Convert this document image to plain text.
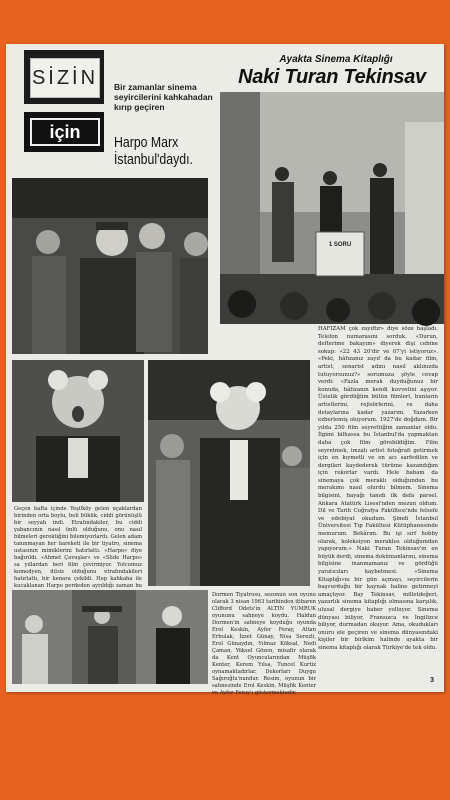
SİZİN
için
Bir zamanlar sinema seyircilerini kahkahadan kırıp geçiren
Harpo Marx
İstanbul'daydı.
Ayakta Sinema Kitaplığı
Naki Turan Tekinsav
1 SORU
Geçen hafta içinde Yeşilköy gelen uçaklardan birinden orta boylu, beli bükük, ciddi görünüşlü bir seyyah indi. Etrafındakiler, bu ciddi yabancının nasıl ünlü olduğunu, onu nasıl bilmeleri gerektiğini bilemiyorlardı. Gelen adam tanınmayan her hareketi ile bir tiyatro, sinema ustasının mimiklerini hatırlattı. «Harpo» diye bağırıldı. «Ahmet Çavuşlar» ve «Slide Harpo» sa yıllardan beri film çevirmiyor. Yolcumuz komedyen, dilsiz olduğunu etrafındakileri hatırlattı, bir kenara çekildi. Hep kahkaha ile kucaklanan Harpo perdeden ayrıldığı zaman bu
Dormen Tiyatrosu, sezonun son oyunu olarak 3 nisan 1963 tarihinden itibaren Clifford Odets'in ALTIN YUMRUK oyununu sahneye koydu. Haldun Dormen'in sahneye koyduğu oyunda Erol Keskin, Ayfer Feray, Altan Erbulak, İzzet Günay, Nisa Serezli, Erol Günaydın, Yılmaz Köksal, Nedi Çaman, Yüksel Gözen, misafir olarak da Kent Oyuncularından Müşfik Kenter, Kerem Yılsa, Tuncel Kurtiz oynamaktadırlar. Dekorları Duygu Sağıroğlu'nundur. Resim, oyunun bir sahnesinde Erol Keskin, Müşfik Kenter ve Ayfer Feray'ı göstermektedir.
HAFIZAM çok zayıftır» diye söze başladı. Telefon numarasını sorduk. «Durun, defterime bakayım» diyerek dişi cebine sokup: «22 43 20'dir ve 07'yi istiyoruz». «Peki, hâfızanız zayıf da bu kadar film, artist, senarist adını nasıl aklınızda tutuyorsunuz?» sorumuza şöyle cevap verdi: «Fazla merak duyduğunuz bir konuda, hâfızanın kendi kuvvetini aşıyor. Üstelik gördüğüm bütün filmleri, bunların artistlerini, rejisörlerini, ve daha detaylarına kadar yazarım. Yazarken ezberlemiş oluyorum. 1927'de doğdum. Bir yılda 250 film seyrettiğim zamanlar oldu. İlgimi bilhassa bu İstanbul'da yapmaktan daha çok film görebildiğim. Film seyretmek, imzalı artist fotoğrafı getirmek için en kıymetli ve en acı sarfedilen ve dergileri kaydederek türüme kazandığım için rekorlar vardı. Hele babam da sinemaya çok meraklı olduğundan bu merakımı nasıl olurdu bilmem. Sinema bilgisini, bayağı tanıdı ilk defa parsel. Ankara Atatürk Lisesi'nden mezun oldum. Dil ve Tarih Coğrafya Fakültesi'nde felsefe ve edebiyat okudum. Şimdi İstanbul Üniversitesi Tıp Fakültesi Kütüphanesinde memurum. Bekârım. Bu işi sırf hobby olarak, koleksiyon meraklısı olduğumdan yapıyorum.» Naki Turan Tekinsav'ın en büyük derdi, sinema dokümanlarını, sinema bilgisine inanmamanız ve gördüğü yaratıcıları kaybetmesi. «Sinema Kitaplığı»nı bir gün açmayı, seyircilerin başvurduğu bir kaynak haline getirmeyi amaçlıyor. Bay Tekinsav, milletdeğeri, yazarlık sinema kitaplığı olmasına karşılık, ulusal dergiye haber yolluyor. Sinema dünyası biliyor, Fransızca ve İngilizce biliyor, durmadan okuyor. Ama, okudukları onuru ele geçiren ve sinema dünyasındaki kişiler bir birikim halinde ayakta bir sinema kitaplığı olarak Türkiye'de tek oldu.
3
